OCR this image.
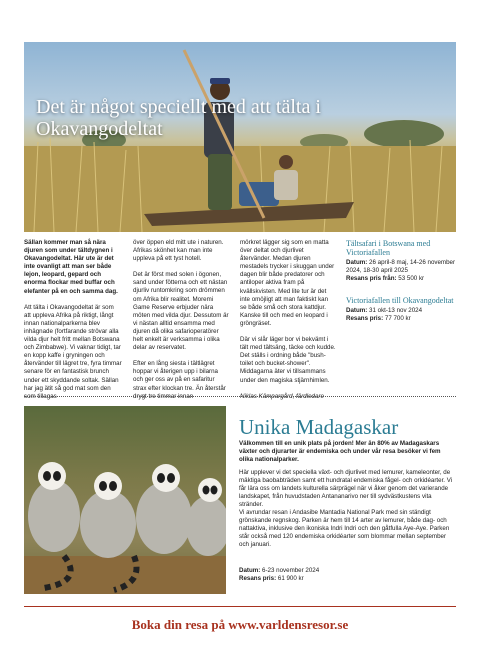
Det är något speciellt med att tälta i Okavangodeltat

Sällan kommer man så nära djuren som under tältdygnen i Okavangodeltat. Här ute är det inte ovanligt att man ser både lejon, leopard, gepard och enorma flockar med buffar och elefanter på en och samma dag.

Att tälta i Okavangodeltat är som att uppleva Afrika på riktigt, långt innan nationalparkerna blev inhägnade (fortfarande strövar alla vilda djur helt fritt mellan Botswana och Zimbabwe). Vi vaknar tidigt, tar en kopp kaffe i gryningen och återvänder till lägret tre, fyra timmar senare för en fantastisk brunch under ett skyddande soltak. Sällan har jag ätit så god mat som den som tillagas

över öppen eld mitt ute i naturen. Afrikas skönhet kan man inte uppleva på ett tyst hotell.

Det är först med solen i ögonen, sand under fötterna och ett nästan djurliv runtomkring som drömmen om Afrika blir realitet. Moremi Game Reserve erbjuder nära möten med vilda djur. Dessutom är vi nästan alltid ensamma med djuren då olika safarioperatörer helt enkelt är verksamma i olika delar av reservatet.

Efter en lång siesta i tältlägret hoppar vi återigen upp i bilarna och ger oss av på en safaritur strax efter klockan tre. Än återstår drygt tre timmar innan

mörkret lägger sig som en matta över deltat och djurlivet återvänder. Medan djuren mestadels trycker i skuggan under dagen blir både predatorer och antiloper aktiva fram på kvällskvisten. Med lite tur är det inte omöjligt att man faktiskt kan se både små och stora kattdjur. Kanske till och med en leopard i gröngräset.

Där vi slår läger bor vi bekvämt i tält med tältsäng, täcke och kudde. Det ställs i ordning både "bush-toilet och bucket-shower". Middagarna äter vi tillsammans under den magiska stjärnhimlen.

Niklas Kämpargård, färdledare

Tältsafari i Botswana med Victoriafallen
Datum: 26 april-8 maj, 14-26 november 2024, 18-30 april 2025
Resans pris från: 53 500 kr
Victoriafallen till Okavangodeltat
Datum: 31 okt-13 nov 2024
Resans pris: 77 700 kr
Unika Madagaskar
Välkommen till en unik plats på jorden! Mer än 80% av Madagaskars växter och djurarter är endemiska och under vår resa besöker vi fem olika nationalparker.
Här upplever vi det speciella växt- och djurlivet med lemurer, kameleonter, de mäktiga baobabträden samt ett hundratal endemiska fågel- och orkidéarter. Vi får lära oss om landets kulturella särprägel när vi åker genom det varierande landskapet, från huvudstaden Antananarivo ner till sydvästkustens vita stränder.
Vi avrundar resan i Andasibe Mantadia National Park med sin ständigt grönskande regnskog. Parken är hem till 14 arter av lemurer, både dag- och nattaktiva, inklusive den ikoniska Indri Indri och den gåtfulla Aye-Aye. Parken står också med 120 endemiska orkidéarter som blommar mellan september och januari.
Datum: 6-23 november 2024
Resans pris: 61 900 kr
Boka din resa på www.varldensresor.se
